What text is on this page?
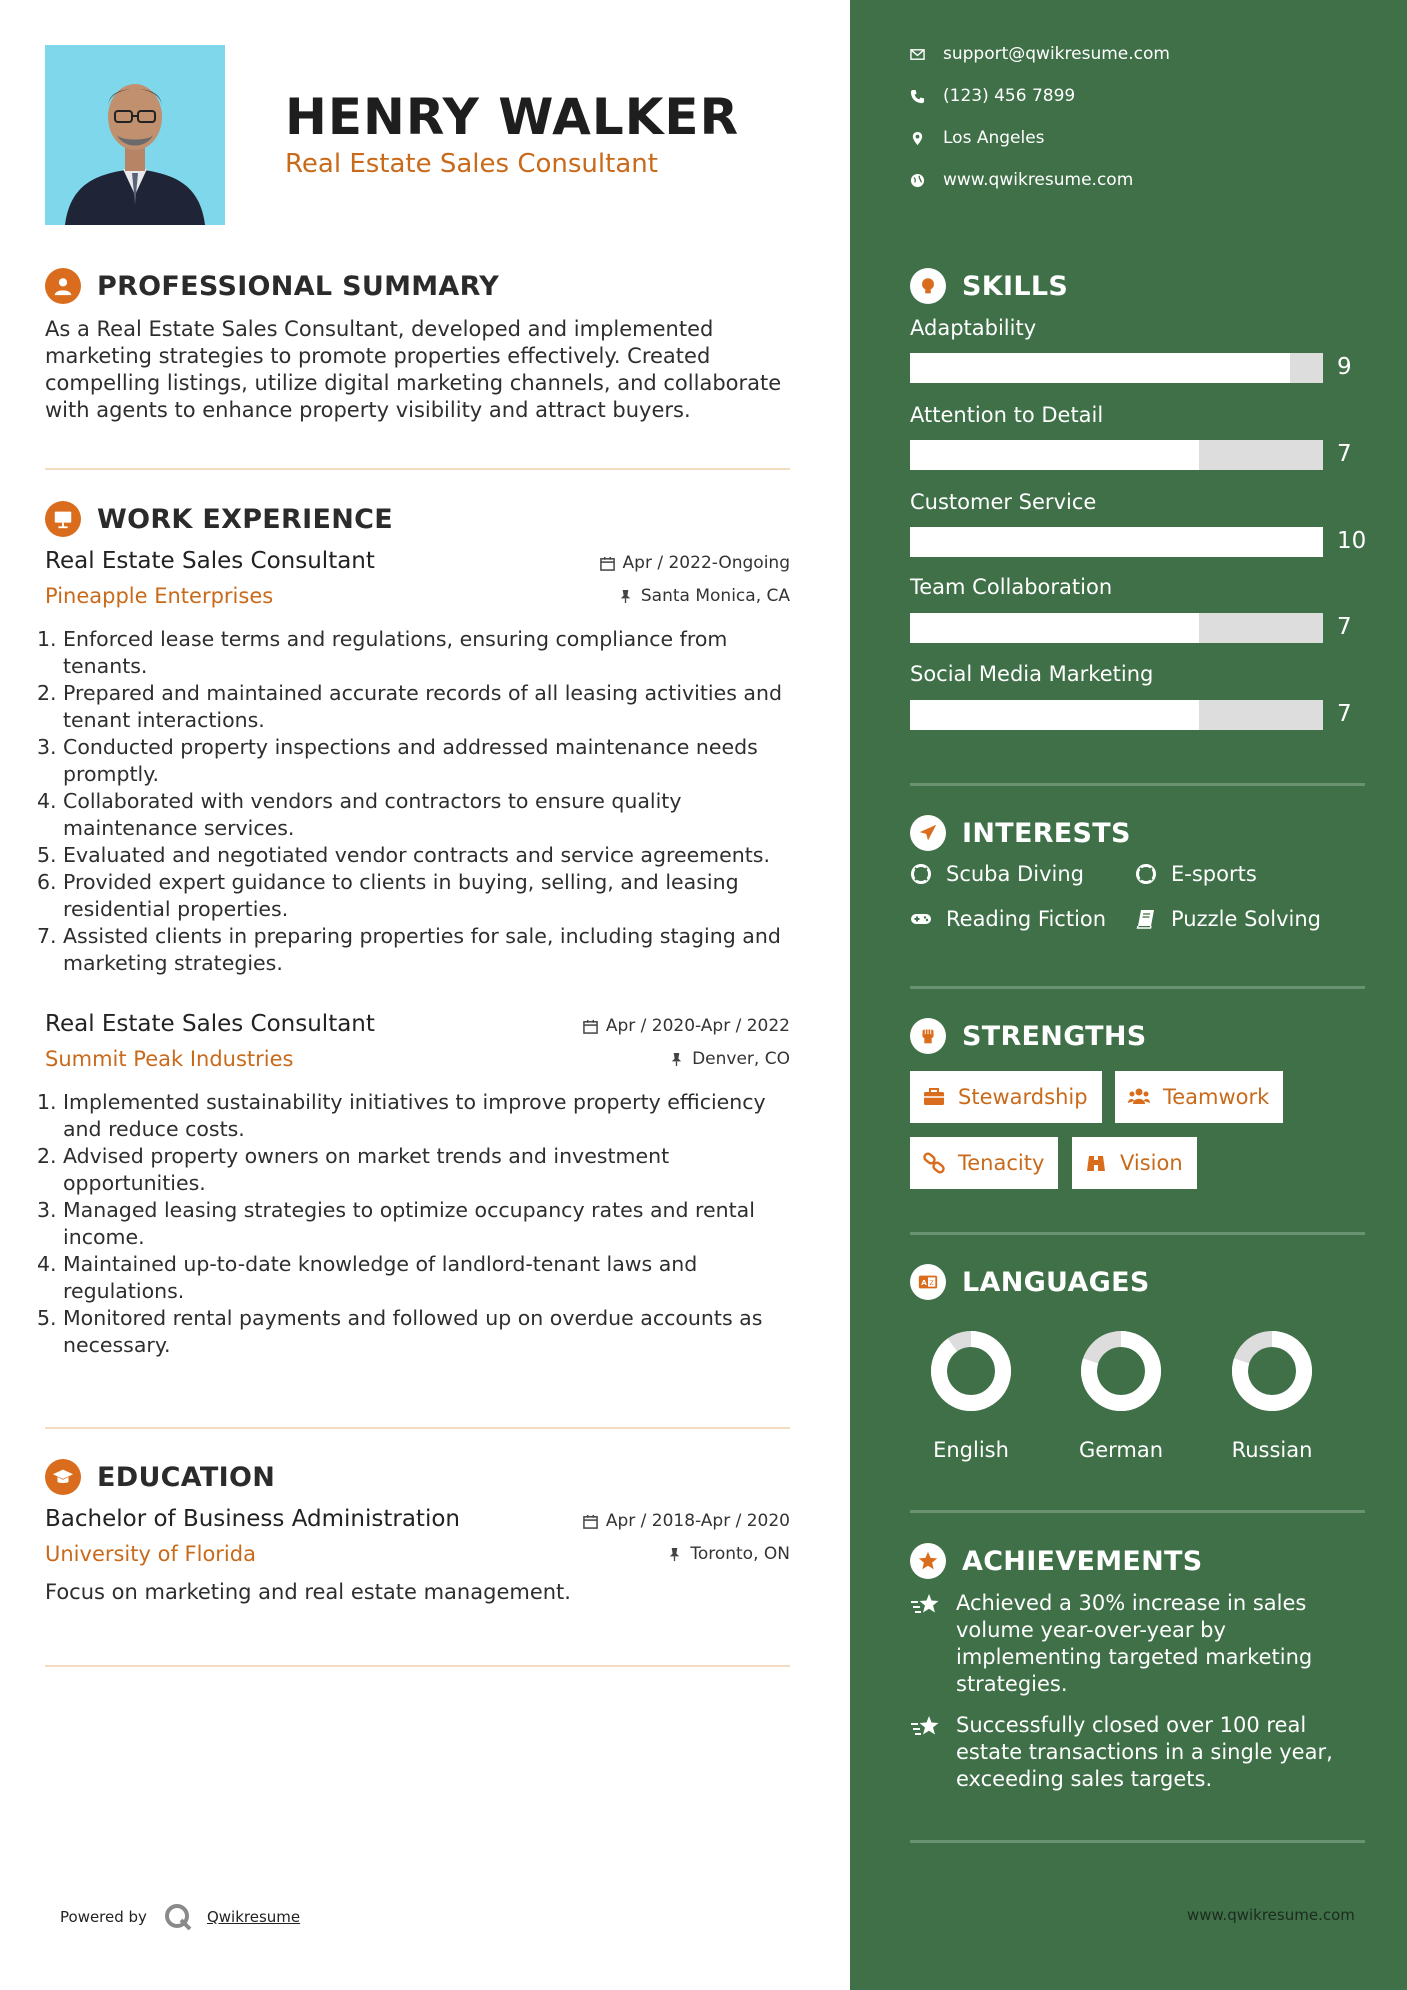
HENRY WALKER
Real Estate Sales Consultant
PROFESSIONAL SUMMARY
As a Real Estate Sales Consultant, developed and implemented marketing strategies to promote properties effectively. Created compelling listings, utilize digital marketing channels, and collaborate with agents to enhance property visibility and attract buyers.
WORK EXPERIENCE
Real Estate Sales Consultant
Pineapple Enterprises
Apr / 2022-Ongoing
Santa Monica, CA
1. Enforced lease terms and regulations, ensuring compliance from tenants.
2. Prepared and maintained accurate records of all leasing activities and tenant interactions.
3. Conducted property inspections and addressed maintenance needs promptly.
4. Collaborated with vendors and contractors to ensure quality maintenance services.
5. Evaluated and negotiated vendor contracts and service agreements.
6. Provided expert guidance to clients in buying, selling, and leasing residential properties.
7. Assisted clients in preparing properties for sale, including staging and marketing strategies.
Real Estate Sales Consultant
Summit Peak Industries
Apr / 2020-Apr / 2022
Denver, CO
1. Implemented sustainability initiatives to improve property efficiency and reduce costs.
2. Advised property owners on market trends and investment opportunities.
3. Managed leasing strategies to optimize occupancy rates and rental income.
4. Maintained up-to-date knowledge of landlord-tenant laws and regulations.
5. Monitored rental payments and followed up on overdue accounts as necessary.
EDUCATION
Bachelor of Business Administration
University of Florida
Apr / 2018-Apr / 2020
Toronto, ON
Focus on marketing and real estate management.
Powered by	Qwikresume
support@qwikresume.com
(123) 456 7899
Los Angeles
www.qwikresume.com
SKILLS
Adaptability
9
Attention to Detail
7
Customer Service
10
Team Collaboration
7
Social Media Marketing
7
INTERESTS
Scuba Diving	E-sports
Reading Fiction	Puzzle Solving
STRENGTHS
Stewardship	Teamwork
Tenacity	Vision
A Z LANGUAGES
English	German	Russian
ACHIEVEMENTS
Achieved a 30% increase in sales volume year-over-year by implementing targeted marketing strategies.
Successfully closed over 100 real estate transactions in a single year, exceeding sales targets.
www.qwikresume.com
